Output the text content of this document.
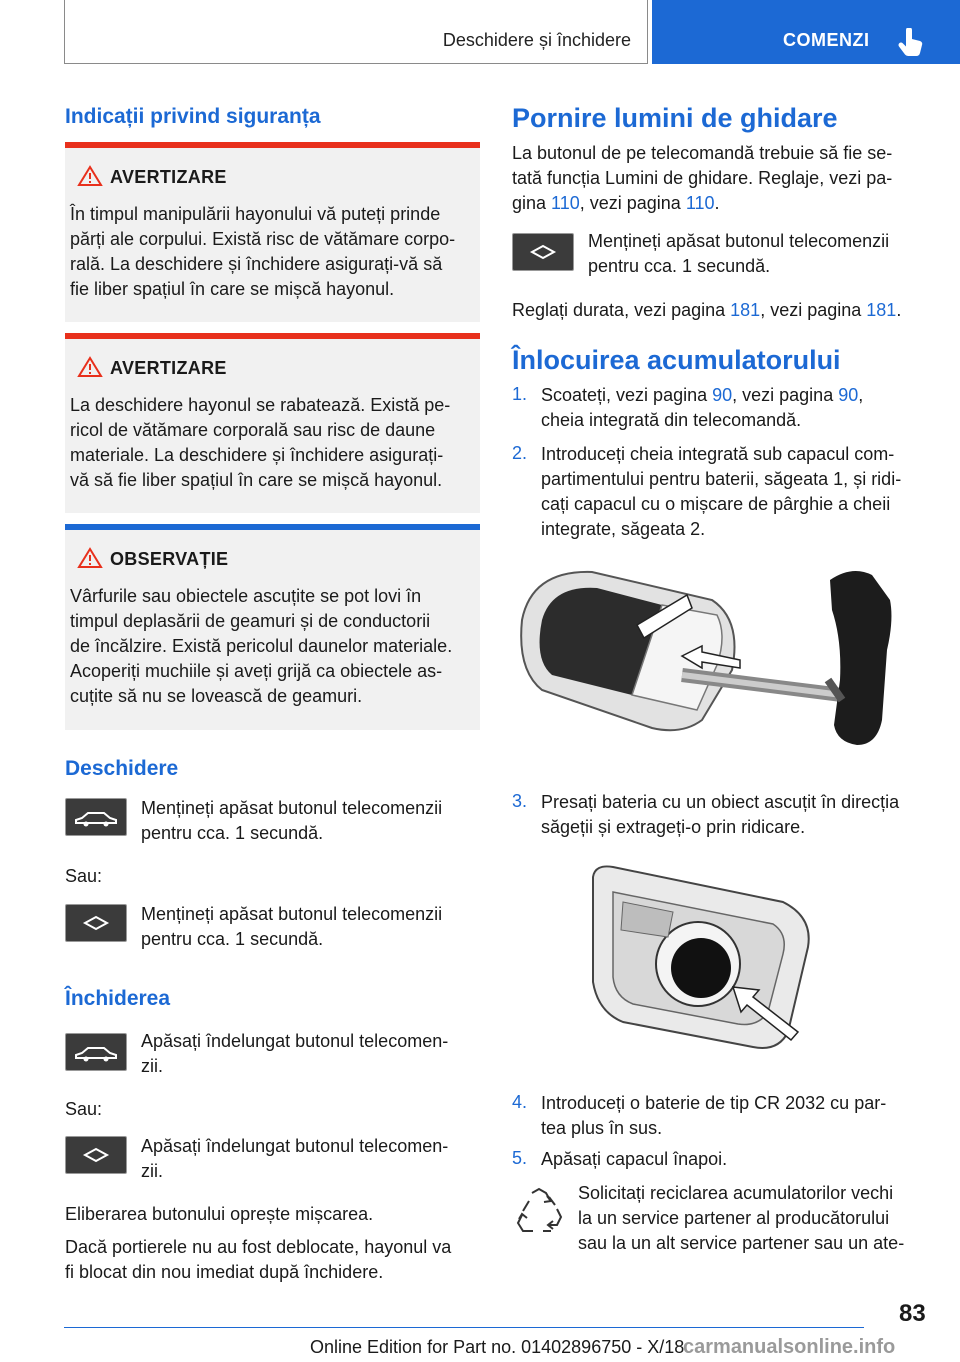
Deschidere și închidere	COMENZI
Indicații privind siguranța
AVERTIZARE
În timpul manipulării hayonului vă puteți prinde
părți ale corpului. Există risc de vătămare corpo-
rală. La deschidere și închidere asigurați-vă să
fie liber spațiul în care se mișcă hayonul.
AVERTIZARE
La deschidere hayonul se rabatează. Există pe-
ricol de vătămare corporală sau risc de daune
materiale. La deschidere și închidere asigurați-
vă să fie liber spațiul în care se mișcă hayonul.
OBSERVAȚIE
Vârfurile sau obiectele ascuțite se pot lovi în
timpul deplasării de geamuri și de conductorii
de încălzire. Există pericolul daunelor materiale.
Acoperiți muchiile și aveți grijă ca obiectele as-
cuțite să nu se lovească de geamuri.
Deschidere
Mențineți apăsat butonul telecomenzii
pentru cca. 1 secundă.
Sau:
Mențineți apăsat butonul telecomenzii
pentru cca. 1 secundă.
Închiderea
Apăsați îndelungat butonul telecomen-
zii.
Sau:
Apăsați îndelungat butonul telecomen-
zii.
Eliberarea butonului oprește mișcarea.
Dacă portierele nu au fost deblocate, hayonul va
fi blocat din nou imediat după închidere.
Pornire lumini de ghidare
La butonul de pe telecomandă trebuie să fie se-
tată funcția Lumini de ghidare. Reglaje, vezi pa-
gina 110, vezi pagina 110.
Mențineți apăsat butonul telecomenzii
pentru cca. 1 secundă.
Reglați durata, vezi pagina 181, vezi pagina 181.
Înlocuirea acumulatorului
1. Scoateți, vezi pagina 90, vezi pagina 90,
cheia integrată din telecomandă.
2. Introduceți cheia integrată sub capacul com-
partimentului pentru baterii, săgeata 1, și ridi-
cați capacul cu o mișcare de pârghie a cheii
integrate, săgeata 2.
3. Presați bateria cu un obiect ascuțit în direcția
săgeții și extrageți-o prin ridicare.
4. Introduceți o baterie de tip CR 2032 cu par-
tea plus în sus.
5. Apăsați capacul înapoi.
Solicitați reciclarea acumulatorilor vechi
la un service partener al producătorului
sau la un alt service partener sau un ate-
83
Online Edition for Part no. 01402896750 - X/18
carmanualsonline.info
